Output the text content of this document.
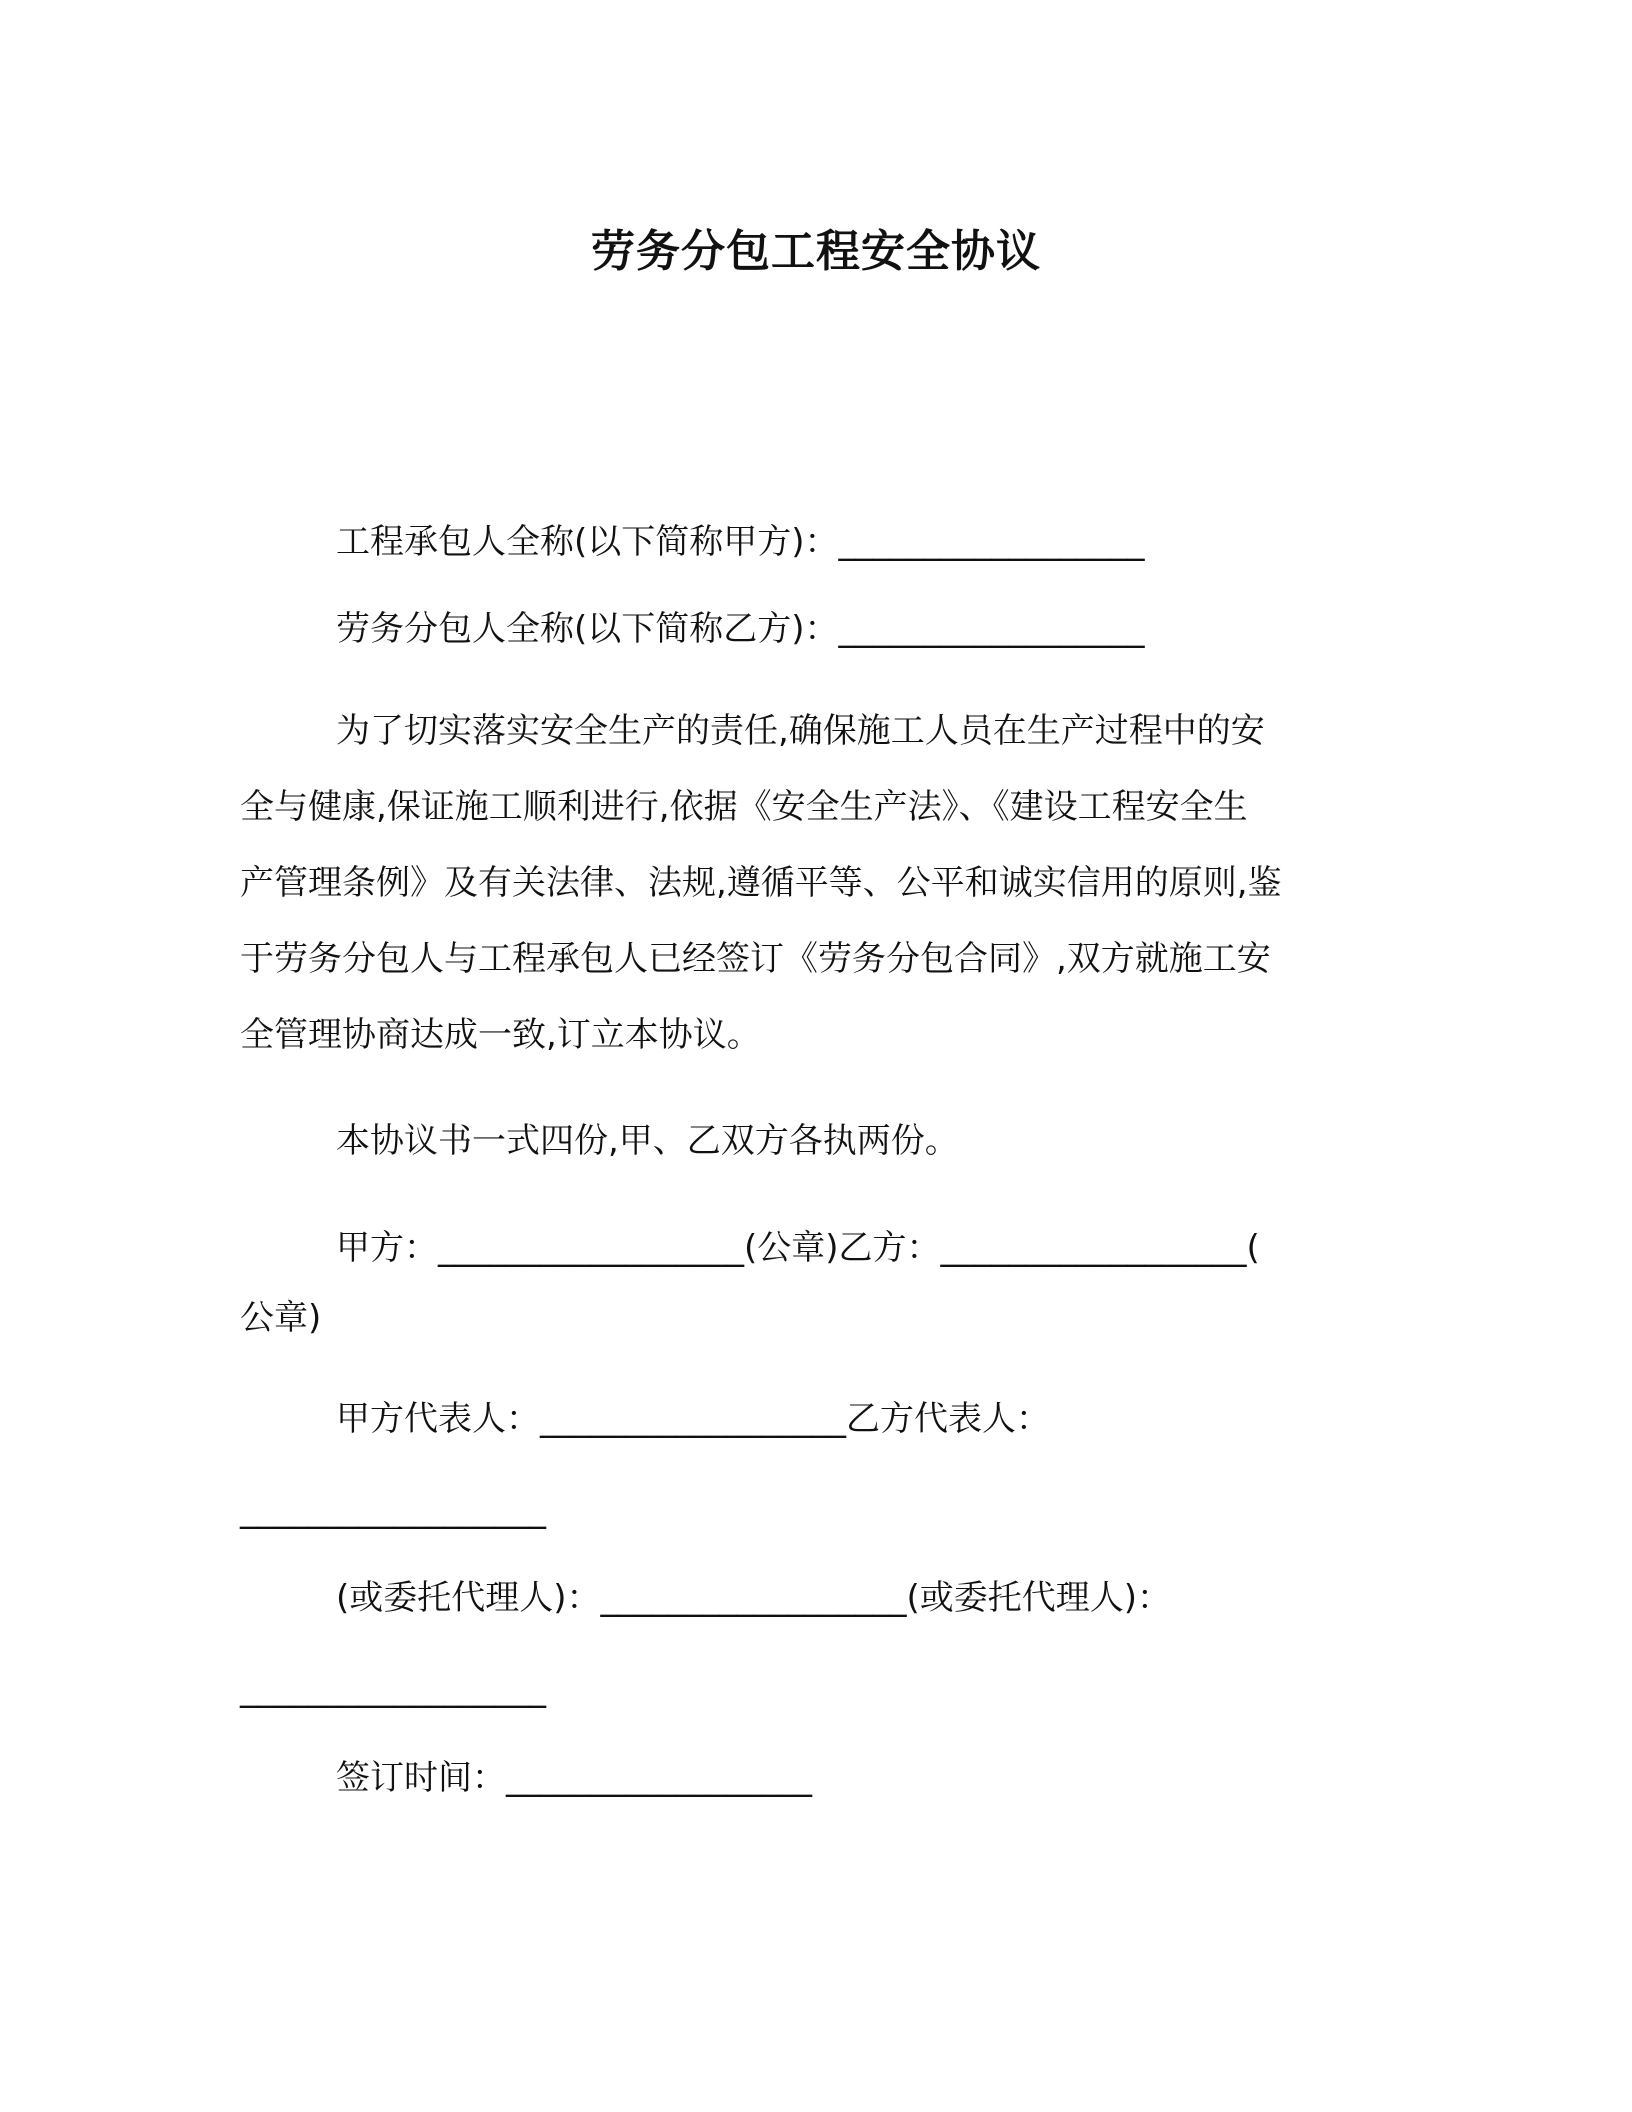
劳务分包工程安全协议
工程承包人全称(以下简称甲方)：__________________
劳务分包人全称(以下简称乙方)：__________________
为了切实落实安全生产的责任,确保施工人员在生产过程中的安
全与健康,保证施工顺利进行,依据《安全生产法》、《建设工程安全生
产管理条例》及有关法律、法规,遵循平等、公平和诚实信用的原则,鉴
于劳务分包人与工程承包人已经签订《劳务分包合同》,双方就施工安
全管理协商达成一致,订立本协议。
本协议书一式四份,甲、乙双方各执两份。
甲方：__________________(公章)乙方：__________________(
公章)
甲方代表人：__________________乙方代表人：
__________________
(或委托代理人)：__________________(或委托代理人)：
__________________
签订时间：__________________
